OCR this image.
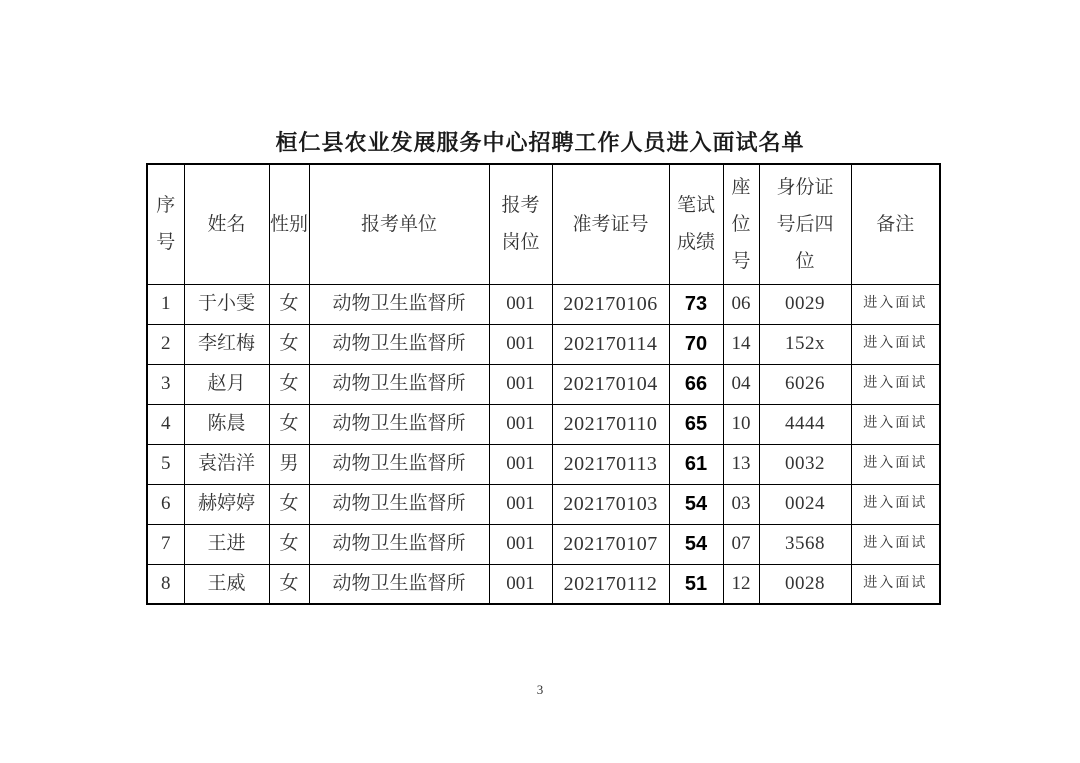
桓仁县农业发展服务中心招聘工作人员进入面试名单
序号	姓名	性别	报考单位	报考岗位	准考证号	笔试成绩	座位号	身份证号后四位	备注
1	于小雯	女	动物卫生监督所	001	202170106	73	06	0029	进入面试
2	李红梅	女	动物卫生监督所	001	202170114	70	14	152x	进入面试
3	赵月	女	动物卫生监督所	001	202170104	66	04	6026	进入面试
4	陈晨	女	动物卫生监督所	001	202170110	65	10	4444	进入面试
5	袁浩洋	男	动物卫生监督所	001	202170113	61	13	0032	进入面试
6	赫婷婷	女	动物卫生监督所	001	202170103	54	03	0024	进入面试
7	王进	女	动物卫生监督所	001	202170107	54	07	3568	进入面试
8	王威	女	动物卫生监督所	001	202170112	51	12	0028	进入面试
3
